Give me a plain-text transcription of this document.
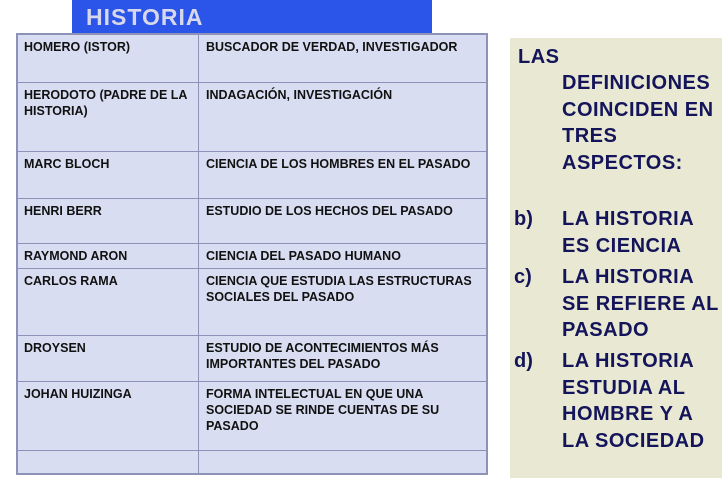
HISTORIA
HOMERO (ISTOR)	BUSCADOR DE VERDAD, INVESTIGADOR
HERODOTO (PADRE DE LA HISTORIA)	INDAGACIÓN, INVESTIGACIÓN
MARC BLOCH	CIENCIA DE LOS HOMBRES EN EL PASADO
HENRI BERR	ESTUDIO DE LOS HECHOS DEL PASADO
RAYMOND ARON	CIENCIA DEL PASADO HUMANO
CARLOS RAMA	CIENCIA QUE ESTUDIA LAS ESTRUCTURAS SOCIALES DEL PASADO
DROYSEN	ESTUDIO DE ACONTECIMIENTOS MÁS IMPORTANTES DEL PASADO
JOHAN HUIZINGA	FORMA INTELECTUAL EN QUE UNA SOCIEDAD SE RINDE CUENTAS DE SU PASADO

LAS
DEFINICIONES COINCIDEN EN TRES ASPECTOS:
b) LA HISTORIA ES CIENCIA
c) LA HISTORIA SE REFIERE AL PASADO
d) LA HISTORIA ESTUDIA AL HOMBRE Y A LA SOCIEDAD
